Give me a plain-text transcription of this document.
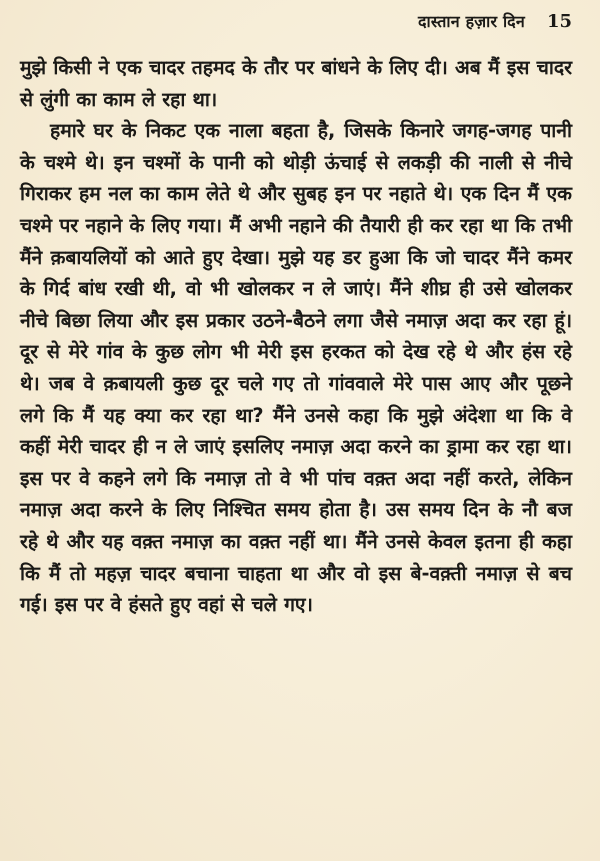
दास्तान हज़ार दिन 15

मुझे किसी ने एक चादर तहमद के तौर पर बांधने के लिए दी। अब मैं इस चादर से लुंगी का काम ले रहा था।

हमारे घर के निकट एक नाला बहता है, जिसके किनारे जगह-जगह पानी के चश्मे थे। इन चश्मों के पानी को थोड़ी ऊंचाई से लकड़ी की नाली से नीचे गिराकर हम नल का काम लेते थे और सुबह इन पर नहाते थे। एक दिन मैं एक चश्मे पर नहाने के लिए गया। मैं अभी नहाने की तैयारी ही कर रहा था कि तभी मैंने क़बायलियों को आते हुए देखा। मुझे यह डर हुआ कि जो चादर मैंने कमर के गिर्द बांध रखी थी, वो भी खोलकर न ले जाएं। मैंने शीघ्र ही उसे खोलकर नीचे बिछा लिया और इस प्रकार उठने-बैठने लगा जैसे नमाज़ अदा कर रहा हूं। दूर से मेरे गांव के कुछ लोग भी मेरी इस हरकत को देख रहे थे और हंस रहे थे। जब वे क़बायली कुछ दूर चले गए तो गांववाले मेरे पास आए और पूछने लगे कि मैं यह क्या कर रहा था? मैंने उनसे कहा कि मुझे अंदेशा था कि वे कहीं मेरी चादर ही न ले जाएं इसलिए नमाज़ अदा करने का ड्रामा कर रहा था। इस पर वे कहने लगे कि नमाज़ तो वे भी पांच वक़्त अदा नहीं करते, लेकिन नमाज़ अदा करने के लिए निश्चित समय होता है। उस समय दिन के नौ बज रहे थे और यह वक़्त नमाज़ का वक़्त नहीं था। मैंने उनसे केवल इतना ही कहा कि मैं तो महज़ चादर बचाना चाहता था और वो इस बे-वक़्ती नमाज़ से बच गई। इस पर वे हंसते हुए वहां से चले गए।
